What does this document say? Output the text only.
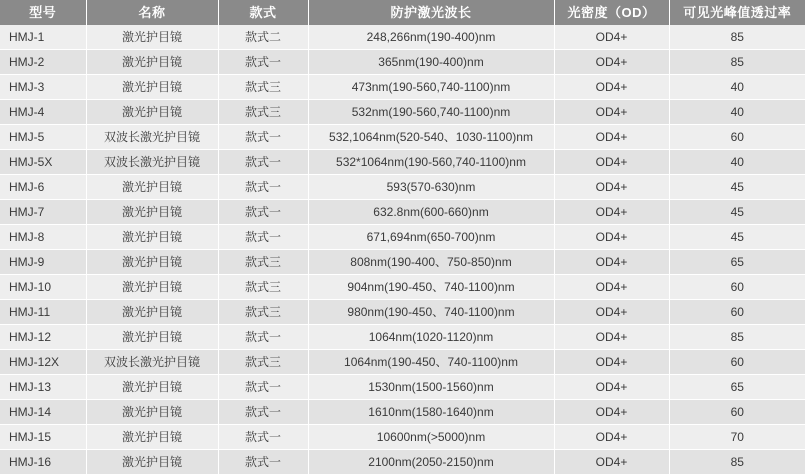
型号	名称	款式	防护激光波长	光密度（OD）	可见光峰值透过率
HMJ-1	激光护目镜	款式二	248,266nm(190-400)nm	OD4+	85
HMJ-2	激光护目镜	款式一	365nm(190-400)nm	OD4+	85
HMJ-3	激光护目镜	款式三	473nm(190-560,740-1100)nm	OD4+	40
HMJ-4	激光护目镜	款式三	532nm(190-560,740-1100)nm	OD4+	40
HMJ-5	双波长激光护目镜	款式一	532,1064nm(520-540、1030-1100)nm	OD4+	60
HMJ-5X	双波长激光护目镜	款式一	532*1064nm(190-560,740-1100)nm	OD4+	40
HMJ-6	激光护目镜	款式一	593(570-630)nm	OD4+	45
HMJ-7	激光护目镜	款式一	632.8nm(600-660)nm	OD4+	45
HMJ-8	激光护目镜	款式一	671,694nm(650-700)nm	OD4+	45
HMJ-9	激光护目镜	款式三	808nm(190-400、750-850)nm	OD4+	65
HMJ-10	激光护目镜	款式三	904nm(190-450、740-1100)nm	OD4+	60
HMJ-11	激光护目镜	款式三	980nm(190-450、740-1100)nm	OD4+	60
HMJ-12	激光护目镜	款式一	1064nm(1020-1120)nm	OD4+	85
HMJ-12X	双波长激光护目镜	款式三	1064nm(190-450、740-1100)nm	OD4+	60
HMJ-13	激光护目镜	款式一	1530nm(1500-1560)nm	OD4+	65
HMJ-14	激光护目镜	款式一	1610nm(1580-1640)nm	OD4+	60
HMJ-15	激光护目镜	款式一	10600nm(>5000)nm	OD4+	70
HMJ-16	激光护目镜	款式一	2100nm(2050-2150)nm	OD4+	85
